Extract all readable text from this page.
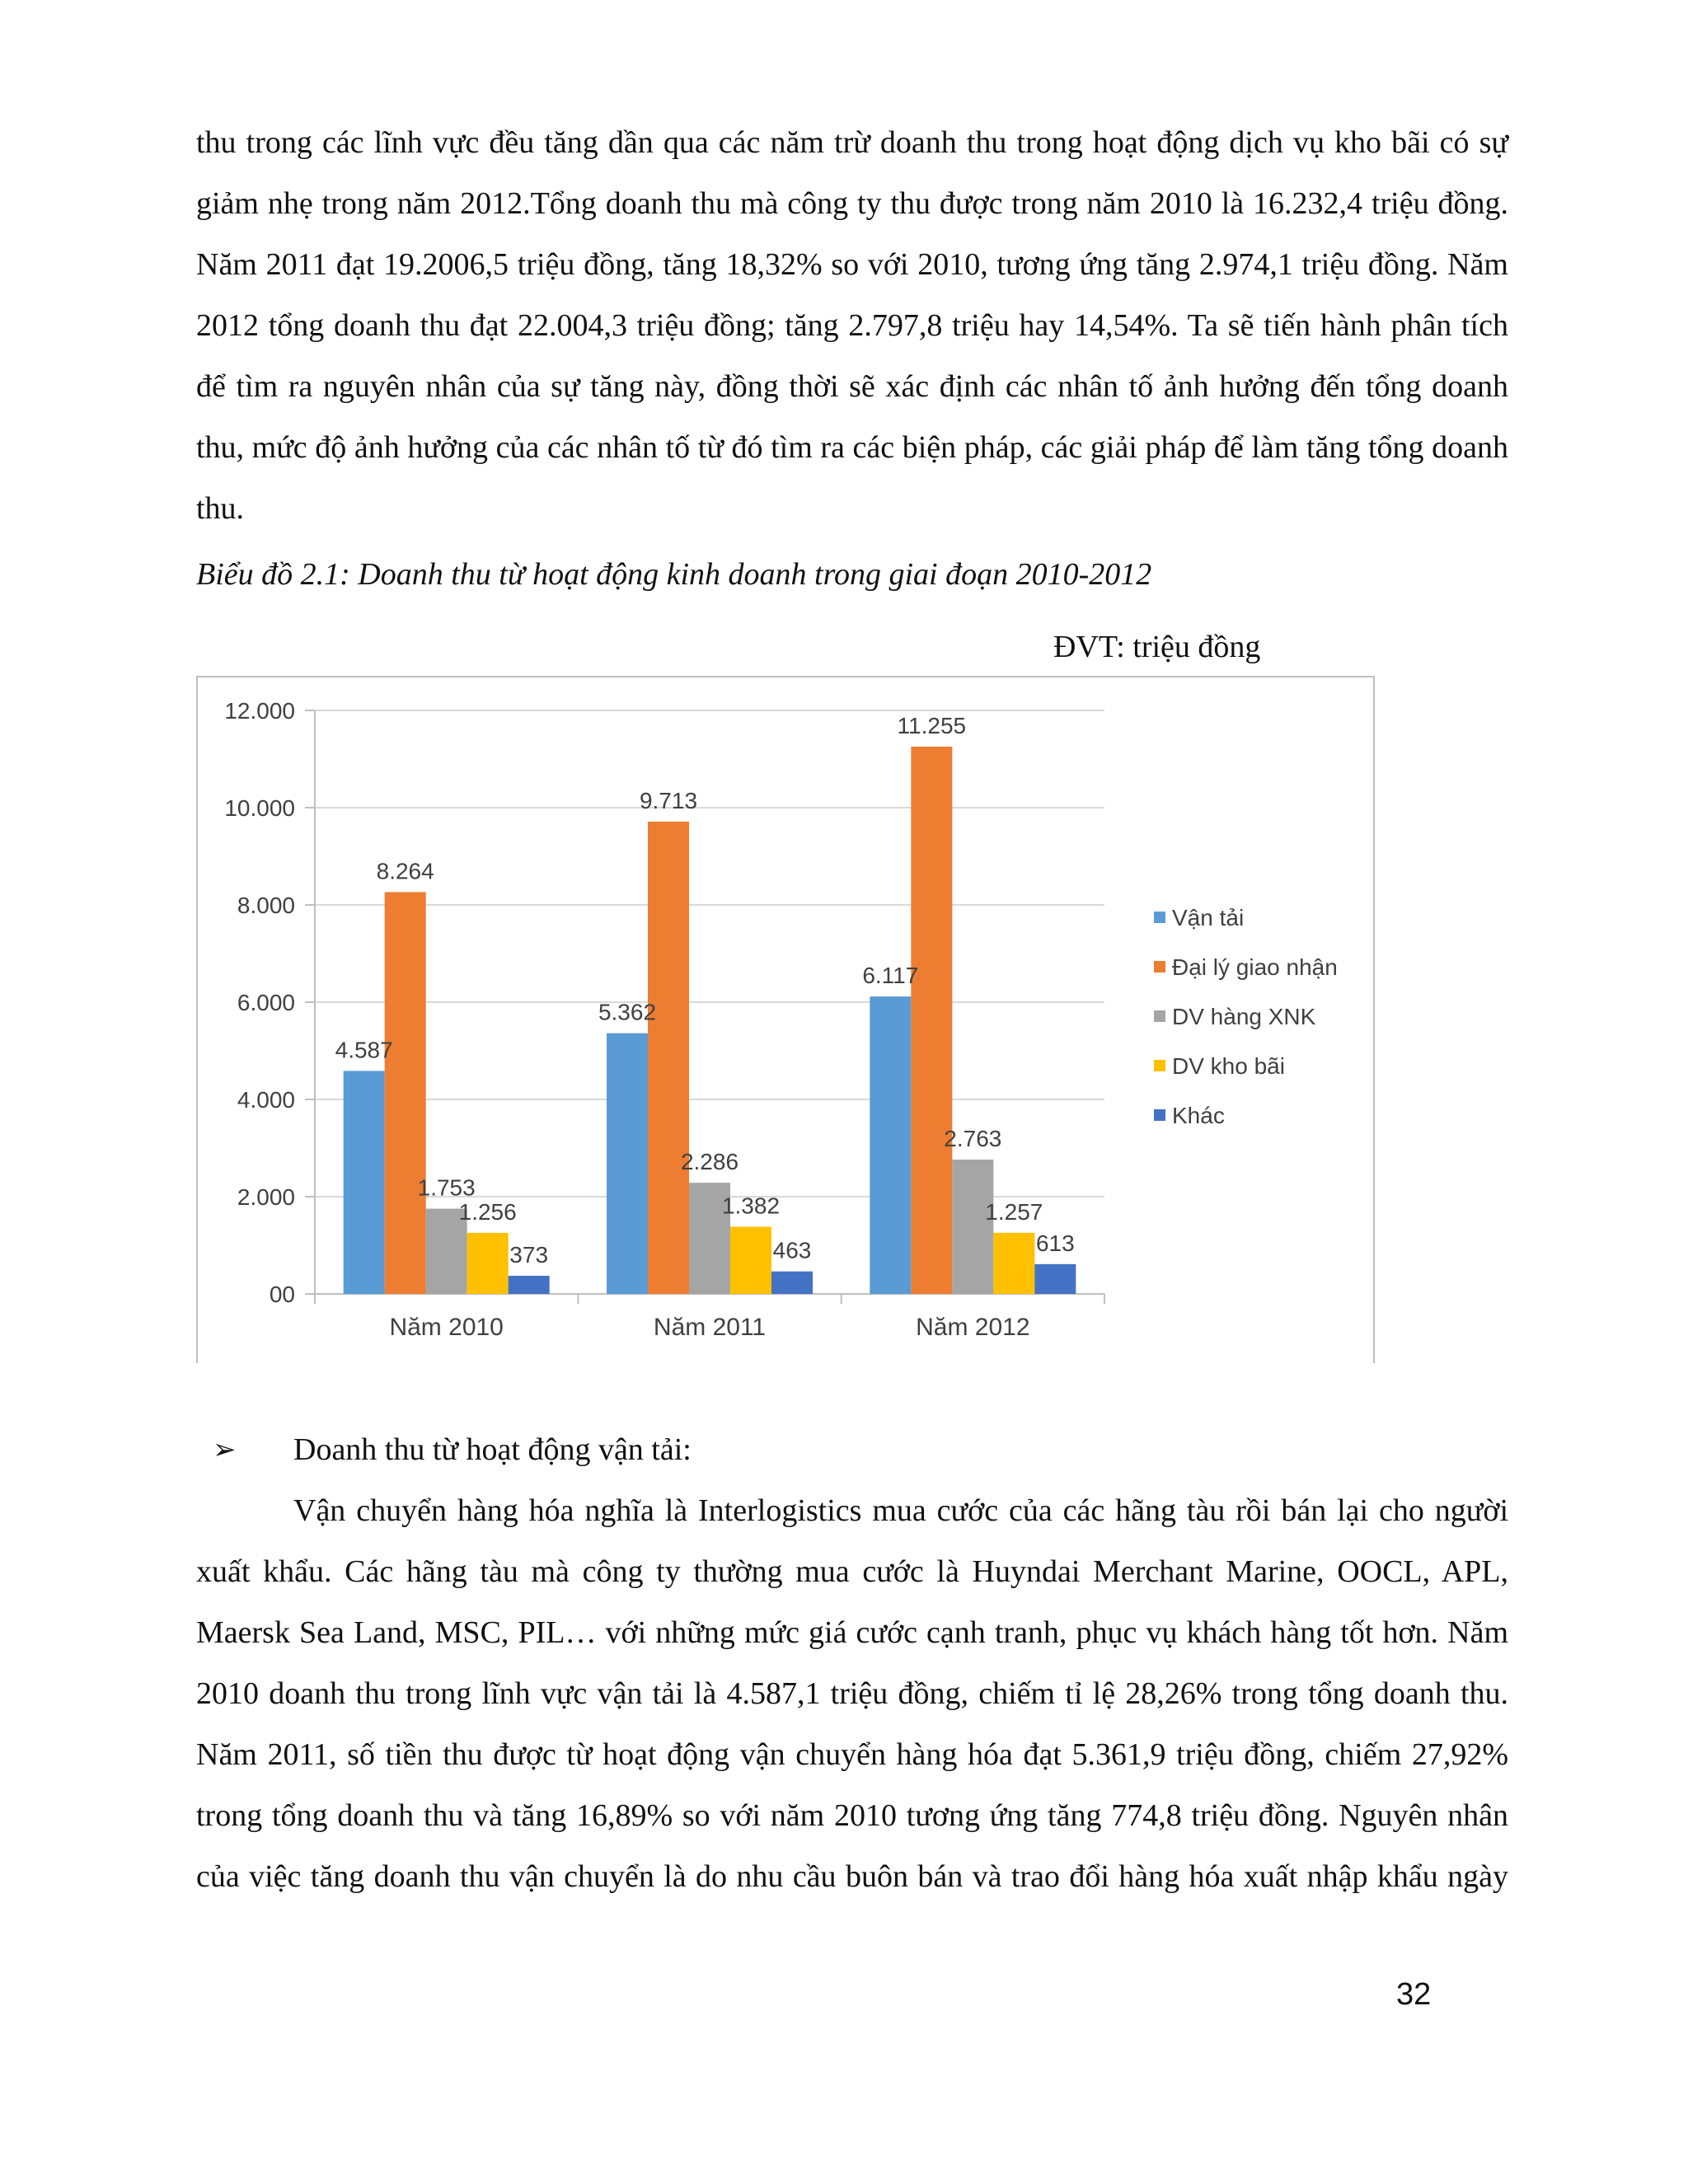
thu trong các lĩnh vực đều tăng dần qua các năm trừ doanh thu trong hoạt động dịch vụ kho bãi có sự giảm nhẹ trong năm 2012.Tổng doanh thu mà công ty thu được trong năm 2010 là 16.232,4 triệu đồng. Năm 2011 đạt 19.2006,5 triệu đồng, tăng 18,32% so với 2010, tương ứng tăng 2.974,1 triệu đồng. Năm 2012 tổng doanh thu đạt 22.004,3 triệu đồng; tăng 2.797,8 triệu hay 14,54%. Ta sẽ tiến hành phân tích để tìm ra nguyên nhân của sự tăng này, đồng thời sẽ xác định các nhân tố ảnh hưởng đến tổng doanh thu, mức độ ảnh hưởng của các nhân tố từ đó tìm ra các biện pháp, các giải pháp để làm tăng tổng doanh thu.

Biểu đồ 2.1: Doanh thu từ hoạt động kinh doanh trong giai đoạn 2010-2012

ĐVT: triệu đồng

00
2.000
4.000
6.000
8.000
10.000
12.000
4.587
8.264
1.753
1.256
373
5.362
9.713
2.286
1.382
463
6.117
11.255
2.763
1.257
613
Năm 2010	Năm 2011	Năm 2012
Vận tải
Đại lý giao nhận
DV hàng XNK
DV kho bãi
Khác
➢ Doanh thu từ hoạt động vận tải:

Vận chuyển hàng hóa nghĩa là Interlogistics mua cước của các hãng tàu rồi bán lại cho người xuất khẩu. Các hãng tàu mà công ty thường mua cước là Huyndai Merchant Marine, OOCL, APL, Maersk Sea Land, MSC, PIL… với những mức giá cước cạnh tranh, phục vụ khách hàng tốt hơn. Năm 2010 doanh thu trong lĩnh vực vận tải là 4.587,1 triệu đồng, chiếm tỉ lệ 28,26% trong tổng doanh thu. Năm 2011, số tiền thu được từ hoạt động vận chuyển hàng hóa đạt 5.361,9 triệu đồng, chiếm 27,92% trong tổng doanh thu và tăng 16,89% so với năm 2010 tương ứng tăng 774,8 triệu đồng. Nguyên nhân của việc tăng doanh thu vận chuyển là do nhu cầu buôn bán và trao đổi hàng hóa xuất nhập khẩu ngày

32
